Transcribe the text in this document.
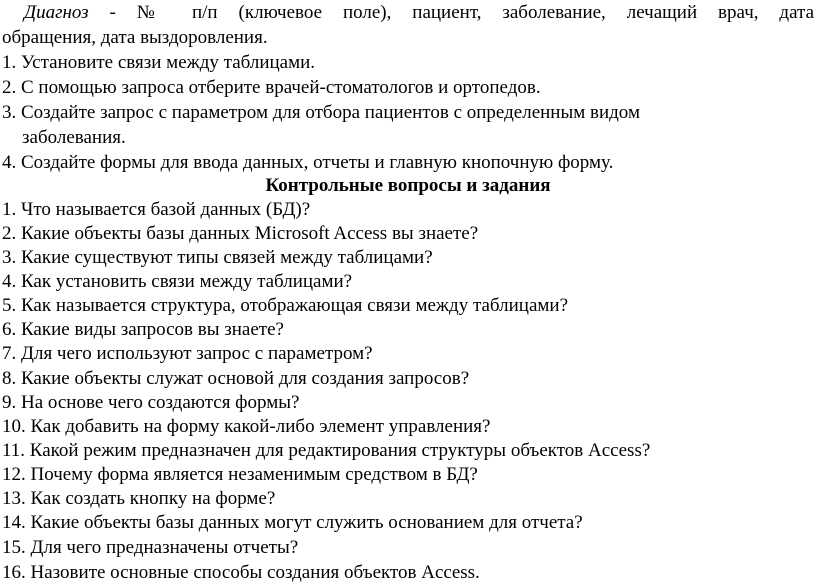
Диагноз - № п/п (ключевое поле), пациент, заболевание, лечащий врач, дата
обращения, дата выздоровления.
1. Установите связи между таблицами.
2. С помощью запроса отберите врачей-стоматологов и ортопедов.
3. Создайте запрос с параметром для отбора пациентов с определенным видом
заболевания.
4. Создайте формы для ввода данных, отчеты и главную кнопочную форму.
Контрольные вопросы и задания
1. Что называется базой данных (БД)?
2. Какие объекты базы данных Microsoft Access вы знаете?
3. Какие существуют типы связей между таблицами?
4. Как установить связи между таблицами?
5. Как называется структура, отображающая связи между таблицами?
6. Какие виды запросов вы знаете?
7. Для чего используют запрос с параметром?
8. Какие объекты служат основой для создания запросов?
9. На основе чего создаются формы?
10. Как добавить на форму какой-либо элемент управления?
11. Какой режим предназначен для редактирования структуры объектов Access?
12. Почему форма является незаменимым средством в БД?
13. Как создать кнопку на форме?
14. Какие объекты базы данных могут служить основанием для отчета?
15. Для чего предназначены отчеты?
16. Назовите основные способы создания объектов Access.
